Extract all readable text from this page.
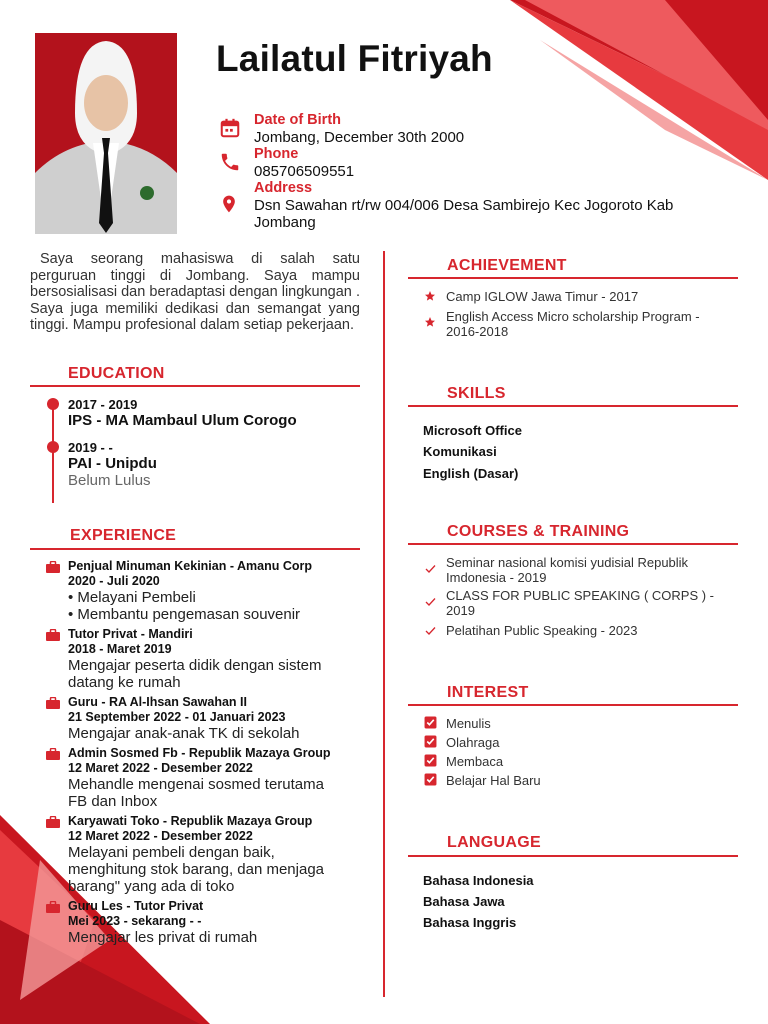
Lailatul Fitriyah
Date of Birth
Jombang, December 30th 2000
Phone
085706509551
Address
Dsn Sawahan rt/rw 004/006 Desa Sambirejo Kec Jogoroto Kab
Jombang
Saya seorang mahasiswa di salah satu perguruan tinggi di Jombang. Saya mampu bersosialisasi dan beradaptasi dengan lingkungan . Saya juga memiliki dedikasi dan semangat yang tinggi. Mampu profesional dalam setiap pekerjaan.
EDUCATION
2017 - 2019
IPS - MA Mambaul Ulum Corogo
2019 - -
PAI - Unipdu
Belum Lulus
EXPERIENCE
Penjual Minuman Kekinian - Amanu Corp
2020 - Juli 2020
• Melayani Pembeli
• Membantu pengemasan souvenir
Tutor Privat - Mandiri
2018 - Maret 2019
Mengajar peserta didik dengan sistem
datang ke rumah
Guru - RA Al-Ihsan Sawahan II
21 September 2022 - 01 Januari 2023
Mengajar anak-anak TK di sekolah
Admin Sosmed Fb - Republik Mazaya Group
12 Maret 2022 - Desember 2022
Mehandle mengenai sosmed terutama
FB dan Inbox
Karyawati Toko - Republik Mazaya Group
12 Maret 2022 - Desember 2022
Melayani pembeli dengan baik,
menghitung stok barang, dan menjaga
barang" yang ada di toko
Guru Les - Tutor Privat
Mei 2023 - sekarang - -
Mengajar les privat di rumah
ACHIEVEMENT
Camp IGLOW Jawa Timur - 2017
English Access Micro scholarship Program -
2016-2018
SKILLS
Microsoft Office
Komunikasi
English (Dasar)
COURSES & TRAINING
Seminar nasional komisi yudisial Republik
Imdonesia - 2019
CLASS FOR PUBLIC SPEAKING ( CORPS ) -
2019
Pelatihan Public Speaking - 2023
INTEREST
Menulis
Olahraga
Membaca
Belajar Hal Baru
LANGUAGE
Bahasa Indonesia
Bahasa Jawa
Bahasa Inggris
